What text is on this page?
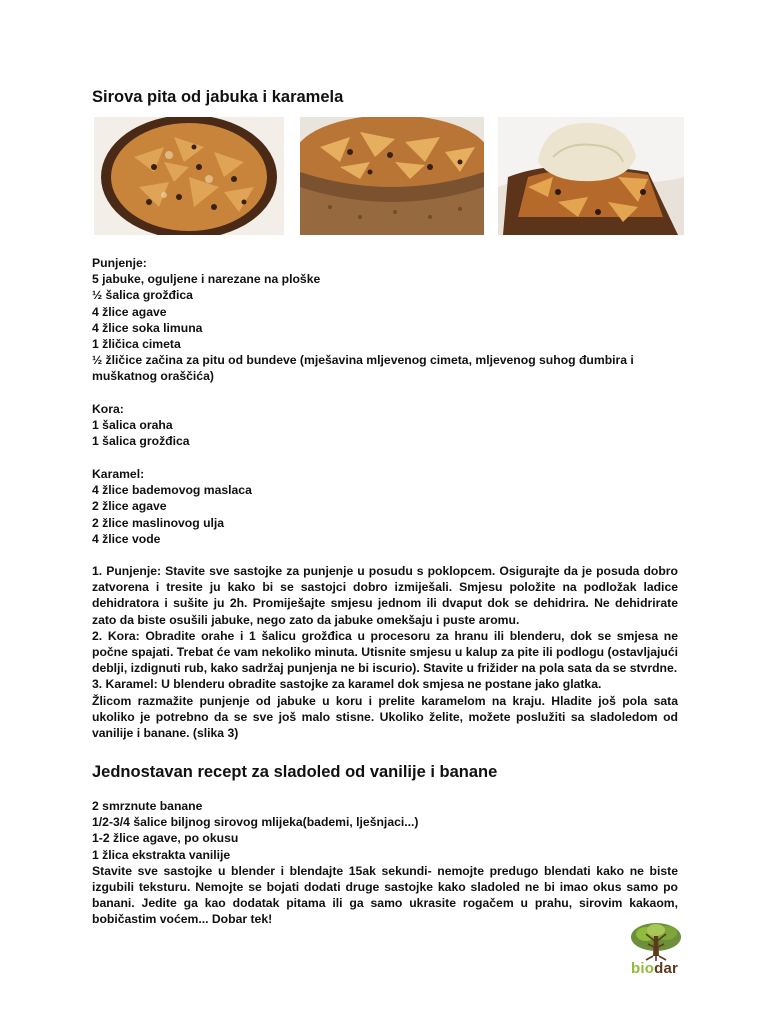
Sirova pita od jabuka i karamela

Punjenje:

5 jabuke, oguljene i narezane na ploške

½ šalica grožđica

4 žlice agave

4 žlice soka limuna

1 žličica cimeta

½ žličice začina za pitu od bundeve (mješavina mljevenog cimeta, mljevenog suhog đumbira i muškatnog oraščića)

Kora:

1 šalica oraha

1 šalica grožđica

Karamel:

4 žlice bademovog maslaca

2 žlice agave

2 žlice maslinovog ulja

4 žlice vode

1. Punjenje: Stavite sve sastojke za punjenje u posudu s poklopcem. Osigurajte da je posuda dobro zatvorena i tresite ju kako bi se sastojci dobro izmiješali. Smjesu položite na podložak ladice dehidratora i sušite ju 2h. Promiješajte smjesu jednom ili dvaput dok se dehidrira. Ne dehidrirate zato da biste osušili jabuke, nego zato da jabuke omekšaju i puste aromu.

2. Kora: Obradite orahe i 1 šalicu grožđica u procesoru za hranu ili blenderu, dok se smjesa ne počne spajati. Trebat će vam nekoliko minuta. Utisnite smjesu u kalup za pite ili podlogu (ostavljajući deblji, izdignuti rub, kako sadržaj punjenja ne bi iscurio). Stavite u frižider na pola sata da se stvrdne.

3. Karamel: U blenderu obradite sastojke za karamel dok smjesa ne postane jako glatka.

Žlicom razmažite punjenje od jabuke u koru i prelite karamelom na kraju. Hladite još pola sata ukoliko je potrebno da se sve još malo stisne. Ukoliko želite, možete poslužiti sa sladoledom od vanilije i banane. (slika 3)

Jednostavan recept za sladoled od vanilije i banane

2 smrznute banane

1/2-3/4 šalice biljnog sirovog mlijeka(bademi, lješnjaci...)

1-2 žlice agave, po okusu

1 žlica ekstrakta vanilije

Stavite sve sastojke u blender i blendajte 15ak sekundi- nemojte predugo blendati kako ne biste izgubili teksturu. Nemojte se bojati dodati druge sastojke kako sladoled ne bi imao okus samo po banani. Jedite ga kao dodatak pitama ili ga samo ukrasite rogačem u prahu, sirovim kakaom, bobičastim voćem... Dobar tek!

biodar
